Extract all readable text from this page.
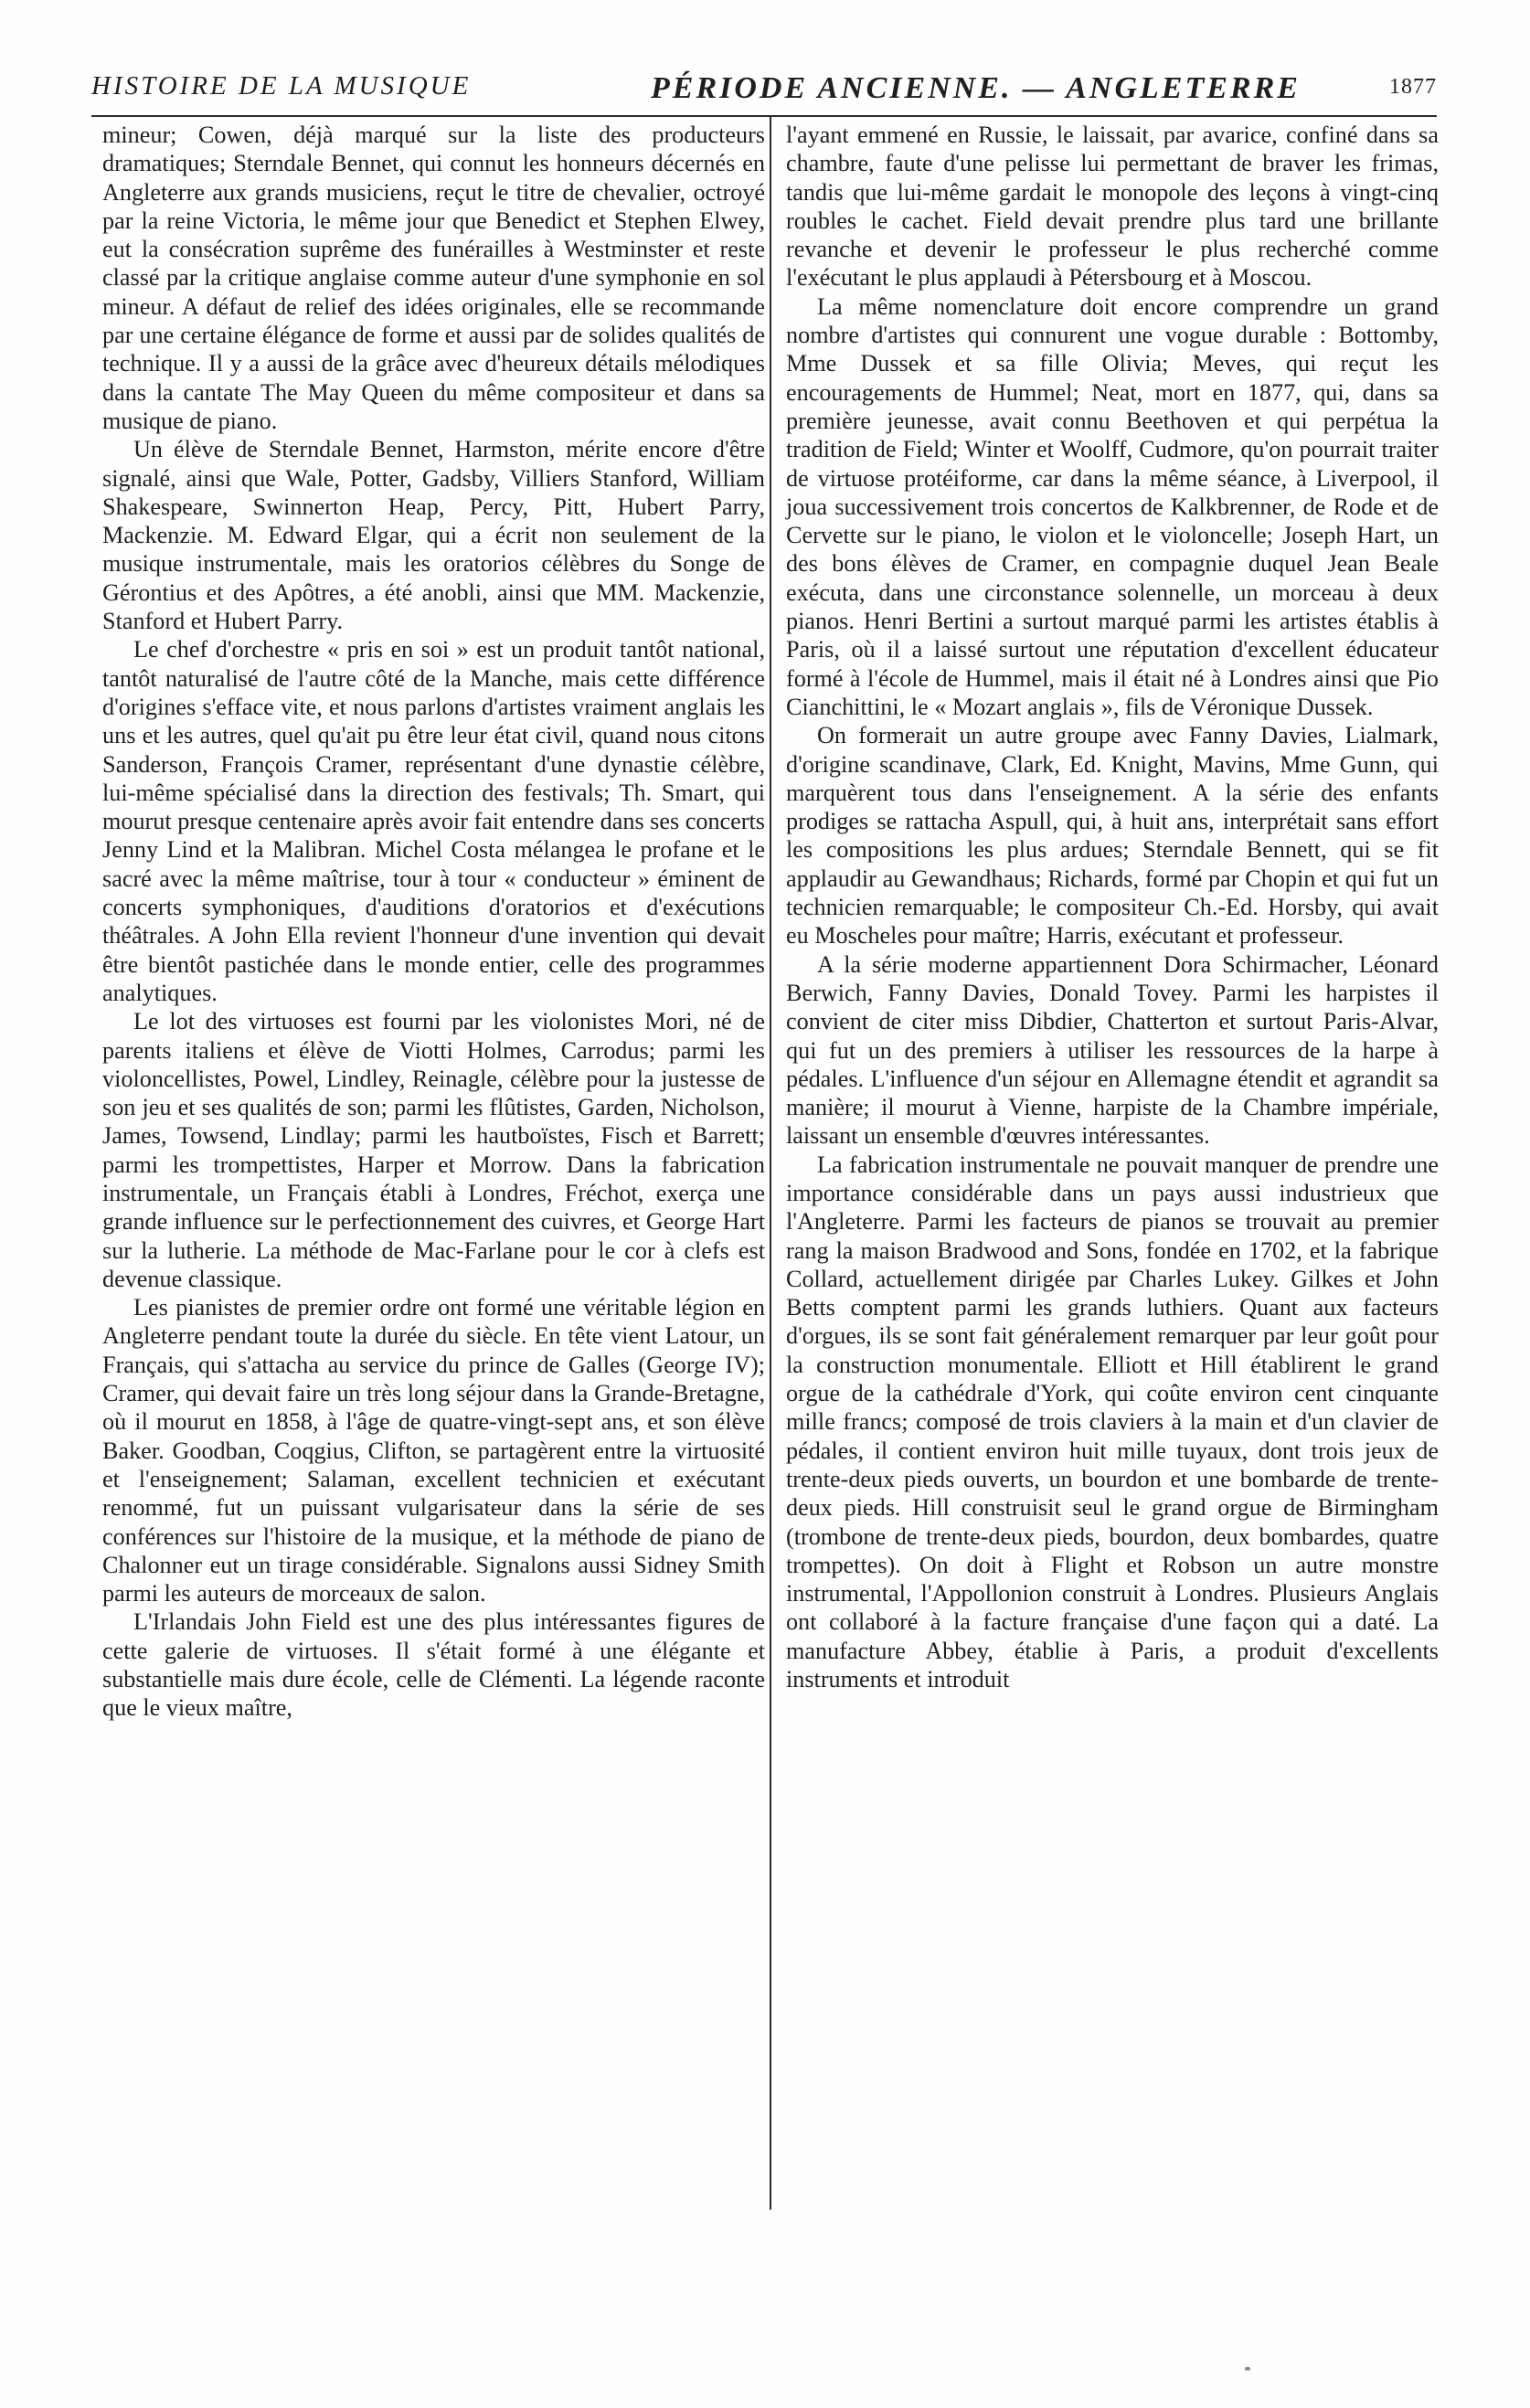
HISTOIRE DE LA MUSIQUE	PÉRIODE ANCIENNE. — ANGLETERRE	1877

mineur; Cowen, déjà marqué sur la liste des producteurs dramatiques; Sterndale Bennet, qui connut les honneurs décernés en Angleterre aux grands musiciens, reçut le titre de chevalier, octroyé par la reine Victoria, le même jour que Benedict et Stephen Elwey, eut la consécration suprême des funérailles à Westminster et reste classé par la critique anglaise comme auteur d'une symphonie en sol mineur. A défaut de relief des idées originales, elle se recommande par une certaine élégance de forme et aussi par de solides qualités de technique. Il y a aussi de la grâce avec d'heureux détails mélodiques dans la cantate The May Queen du même compositeur et dans sa musique de piano.

Un élève de Sterndale Bennet, Harmston, mérite encore d'être signalé, ainsi que Wale, Potter, Gadsby, Villiers Stanford, William Shakespeare, Swinnerton Heap, Percy, Pitt, Hubert Parry, Mackenzie. M. Edward Elgar, qui a écrit non seulement de la musique instrumentale, mais les oratorios célèbres du Songe de Gérontius et des Apôtres, a été anobli, ainsi que MM. Mackenzie, Stanford et Hubert Parry.

Le chef d'orchestre « pris en soi » est un produit tantôt national, tantôt naturalisé de l'autre côté de la Manche, mais cette différence d'origines s'efface vite, et nous parlons d'artistes vraiment anglais les uns et les autres, quel qu'ait pu être leur état civil, quand nous citons Sanderson, François Cramer, représentant d'une dynastie célèbre, lui-même spécialisé dans la direction des festivals; Th. Smart, qui mourut presque centenaire après avoir fait entendre dans ses concerts Jenny Lind et la Malibran. Michel Costa mélangea le profane et le sacré avec la même maîtrise, tour à tour « conducteur » éminent de concerts symphoniques, d'auditions d'oratorios et d'exécutions théâtrales. A John Ella revient l'honneur d'une invention qui devait être bientôt pastichée dans le monde entier, celle des programmes analytiques.

Le lot des virtuoses est fourni par les violonistes Mori, né de parents italiens et élève de Viotti Holmes, Carrodus; parmi les violoncellistes, Powel, Lindley, Reinagle, célèbre pour la justesse de son jeu et ses qualités de son; parmi les flûtistes, Garden, Nicholson, James, Towsend, Lindlay; parmi les hautboïstes, Fisch et Barrett; parmi les trompettistes, Harper et Morrow. Dans la fabrication instrumentale, un Français établi à Londres, Fréchot, exerça une grande influence sur le perfectionnement des cuivres, et George Hart sur la lutherie. La méthode de Mac-Farlane pour le cor à clefs est devenue classique.

Les pianistes de premier ordre ont formé une véritable légion en Angleterre pendant toute la durée du siècle. En tête vient Latour, un Français, qui s'attacha au service du prince de Galles (George IV); Cramer, qui devait faire un très long séjour dans la Grande-Bretagne, où il mourut en 1858, à l'âge de quatre-vingt-sept ans, et son élève Baker. Goodban, Coqgius, Clifton, se partagèrent entre la virtuosité et l'enseignement; Salaman, excellent technicien et exécutant renommé, fut un puissant vulgarisateur dans la série de ses conférences sur l'histoire de la musique, et la méthode de piano de Chalonner eut un tirage considérable. Signalons aussi Sidney Smith parmi les auteurs de morceaux de salon.

L'Irlandais John Field est une des plus intéressantes figures de cette galerie de virtuoses. Il s'était formé à une élégante et substantielle mais dure école, celle de Clémenti. La légende raconte que le vieux maître,

l'ayant emmené en Russie, le laissait, par avarice, confiné dans sa chambre, faute d'une pelisse lui permettant de braver les frimas, tandis que lui-même gardait le monopole des leçons à vingt-cinq roubles le cachet. Field devait prendre plus tard une brillante revanche et devenir le professeur le plus recherché comme l'exécutant le plus applaudi à Pétersbourg et à Moscou.

La même nomenclature doit encore comprendre un grand nombre d'artistes qui connurent une vogue durable : Bottomby, Mme Dussek et sa fille Olivia; Meves, qui reçut les encouragements de Hummel; Neat, mort en 1877, qui, dans sa première jeunesse, avait connu Beethoven et qui perpétua la tradition de Field; Winter et Woolff, Cudmore, qu'on pourrait traiter de virtuose protéiforme, car dans la même séance, à Liverpool, il joua successivement trois concertos de Kalkbrenner, de Rode et de Cervette sur le piano, le violon et le violoncelle; Joseph Hart, un des bons élèves de Cramer, en compagnie duquel Jean Beale exécuta, dans une circonstance solennelle, un morceau à deux pianos. Henri Bertini a surtout marqué parmi les artistes établis à Paris, où il a laissé surtout une réputation d'excellent éducateur formé à l'école de Hummel, mais il était né à Londres ainsi que Pio Cianchittini, le « Mozart anglais », fils de Véronique Dussek.

On formerait un autre groupe avec Fanny Davies, Lialmark, d'origine scandinave, Clark, Ed. Knight, Mavins, Mme Gunn, qui marquèrent tous dans l'enseignement. A la série des enfants prodiges se rattacha Aspull, qui, à huit ans, interprétait sans effort les compositions les plus ardues; Sterndale Bennett, qui se fit applaudir au Gewandhaus; Richards, formé par Chopin et qui fut un technicien remarquable; le compositeur Ch.-Ed. Horsby, qui avait eu Moscheles pour maître; Harris, exécutant et professeur.

A la série moderne appartiennent Dora Schirmacher, Léonard Berwich, Fanny Davies, Donald Tovey. Parmi les harpistes il convient de citer miss Dibdier, Chatterton et surtout Paris-Alvar, qui fut un des premiers à utiliser les ressources de la harpe à pédales. L'influence d'un séjour en Allemagne étendit et agrandit sa manière; il mourut à Vienne, harpiste de la Chambre impériale, laissant un ensemble d'œuvres intéressantes.

La fabrication instrumentale ne pouvait manquer de prendre une importance considérable dans un pays aussi industrieux que l'Angleterre. Parmi les facteurs de pianos se trouvait au premier rang la maison Bradwood and Sons, fondée en 1702, et la fabrique Collard, actuellement dirigée par Charles Lukey. Gilkes et John Betts comptent parmi les grands luthiers. Quant aux facteurs d'orgues, ils se sont fait généralement remarquer par leur goût pour la construction monumentale. Elliott et Hill établirent le grand orgue de la cathédrale d'York, qui coûte environ cent cinquante mille francs; composé de trois claviers à la main et d'un clavier de pédales, il contient environ huit mille tuyaux, dont trois jeux de trente-deux pieds ouverts, un bourdon et une bombarde de trente-deux pieds. Hill construisit seul le grand orgue de Birmingham (trombone de trente-deux pieds, bourdon, deux bombardes, quatre trompettes). On doit à Flight et Robson un autre monstre instrumental, l'Appollonion construit à Londres. Plusieurs Anglais ont collaboré à la facture française d'une façon qui a daté. La manufacture Abbey, établie à Paris, a produit d'excellents instruments et introduit
